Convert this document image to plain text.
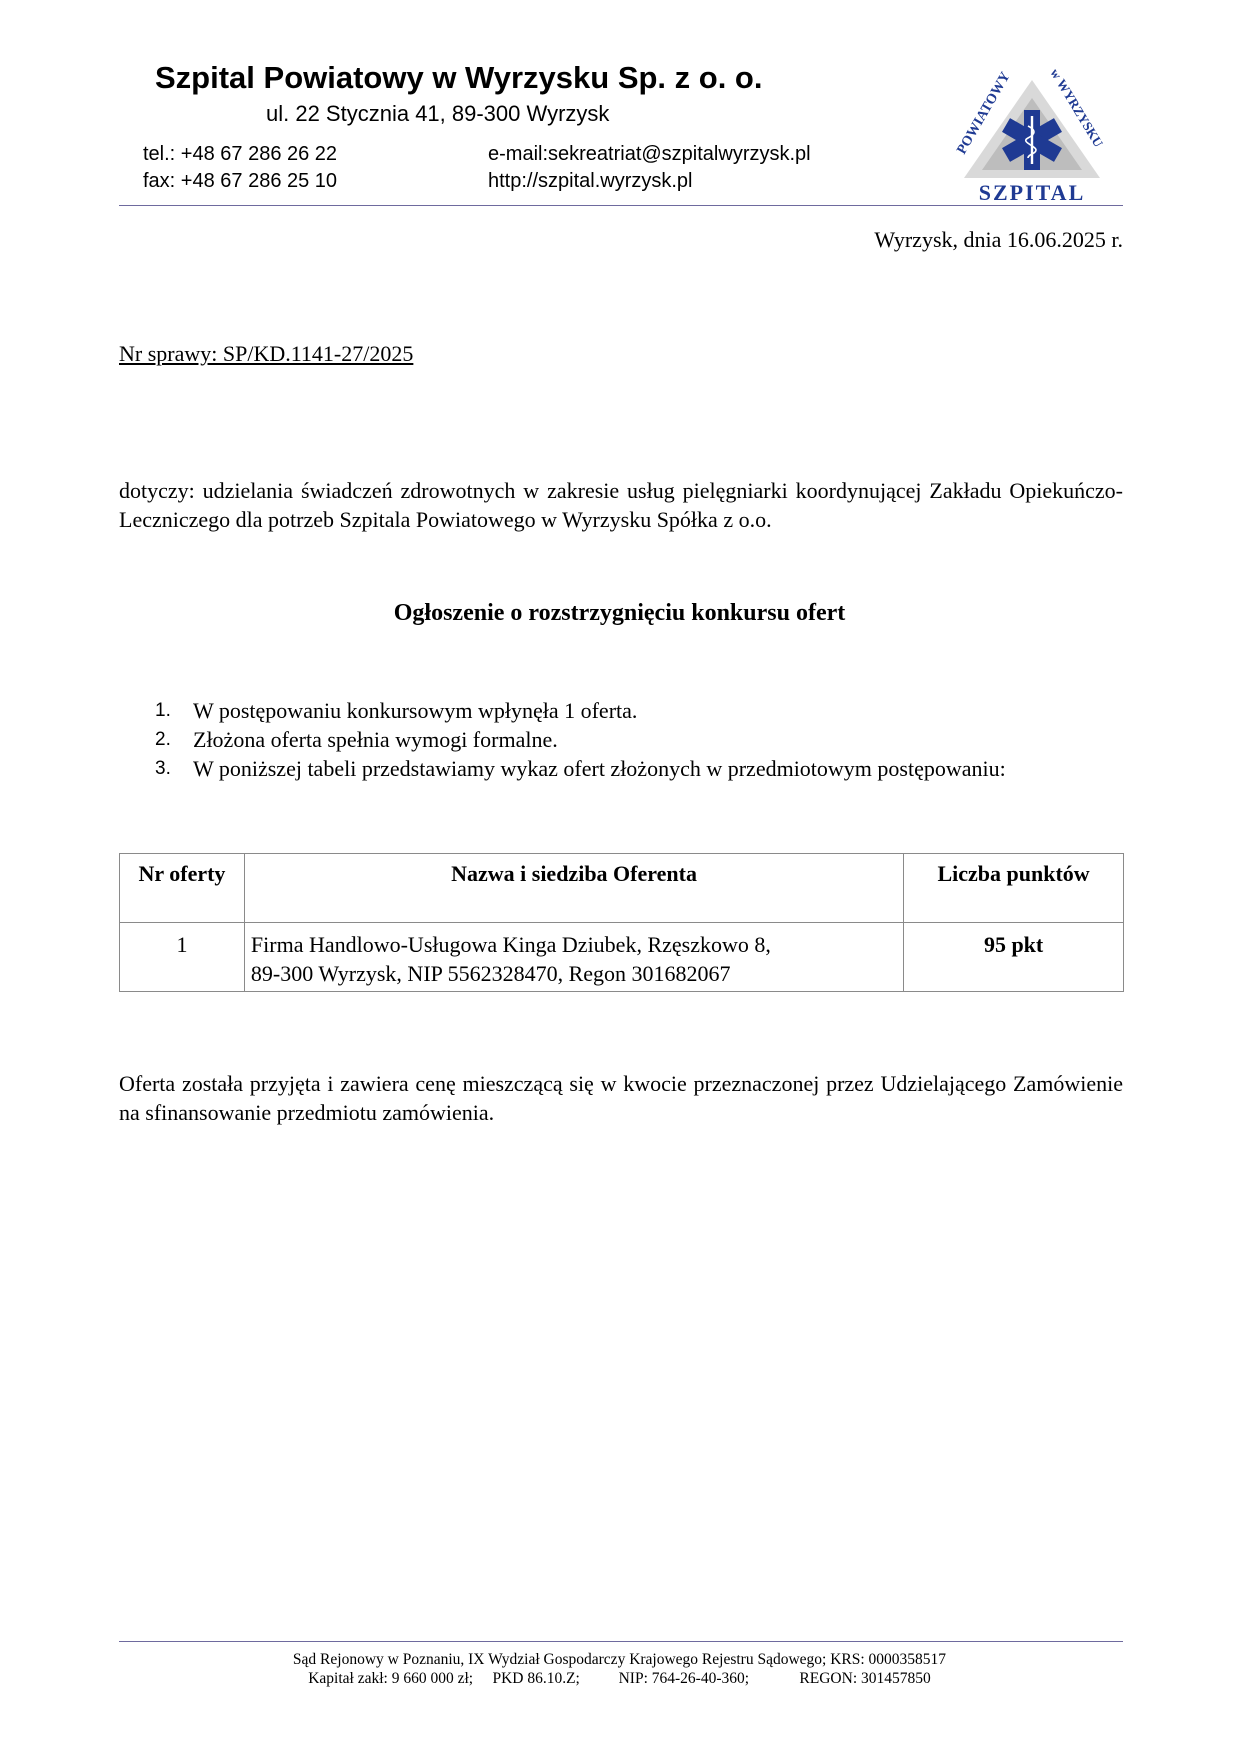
Szpital Powiatowy w Wyrzysku Sp. z o. o.
ul. 22 Stycznia 41, 89-300 Wyrzysk
tel.: +48 67 286 26 22
fax: +48 67 286 25 10
e-mail:sekreatriat@szpitalwyrzysk.pl
http://szpital.wyrzysk.pl
POWIATOWY	w WYRZYSKU
SZPITAL
Wyrzysk, dnia 16.06.2025 r.
Nr sprawy: SP/KD.1141-27/2025
dotyczy: udzielania świadczeń zdrowotnych w zakresie usług pielęgniarki koordynującej Zakładu Opiekuńczo-Leczniczego dla potrzeb Szpitala Powiatowego w Wyrzysku Spółka z o.o.
Ogłoszenie o rozstrzygnięciu konkursu ofert
1. W postępowaniu konkursowym wpłynęła 1 oferta.
2. Złożona oferta spełnia wymogi formalne.
3. W poniższej tabeli przedstawiamy wykaz ofert złożonych w przedmiotowym postępowaniu:
Nr oferty	Nazwa i siedziba Oferenta	Liczba punktów
1	Firma Handlowo-Usługowa Kinga Dziubek, Rzęszkowo 8,
89-300 Wyrzysk, NIP 5562328470, Regon 301682067	95 pkt
Oferta została przyjęta i zawiera cenę mieszczącą się w kwocie przeznaczonej przez Udzielającego Zamówienie na sfinansowanie przedmiotu zamówienia.
Sąd Rejonowy w Poznaniu, IX Wydział Gospodarczy Krajowego Rejestru Sądowego; KRS: 0000358517
Kapitał zakł: 9 660 000 zł;     PKD 86.10.Z;          NIP: 764-26-40-360;             REGON: 301457850
